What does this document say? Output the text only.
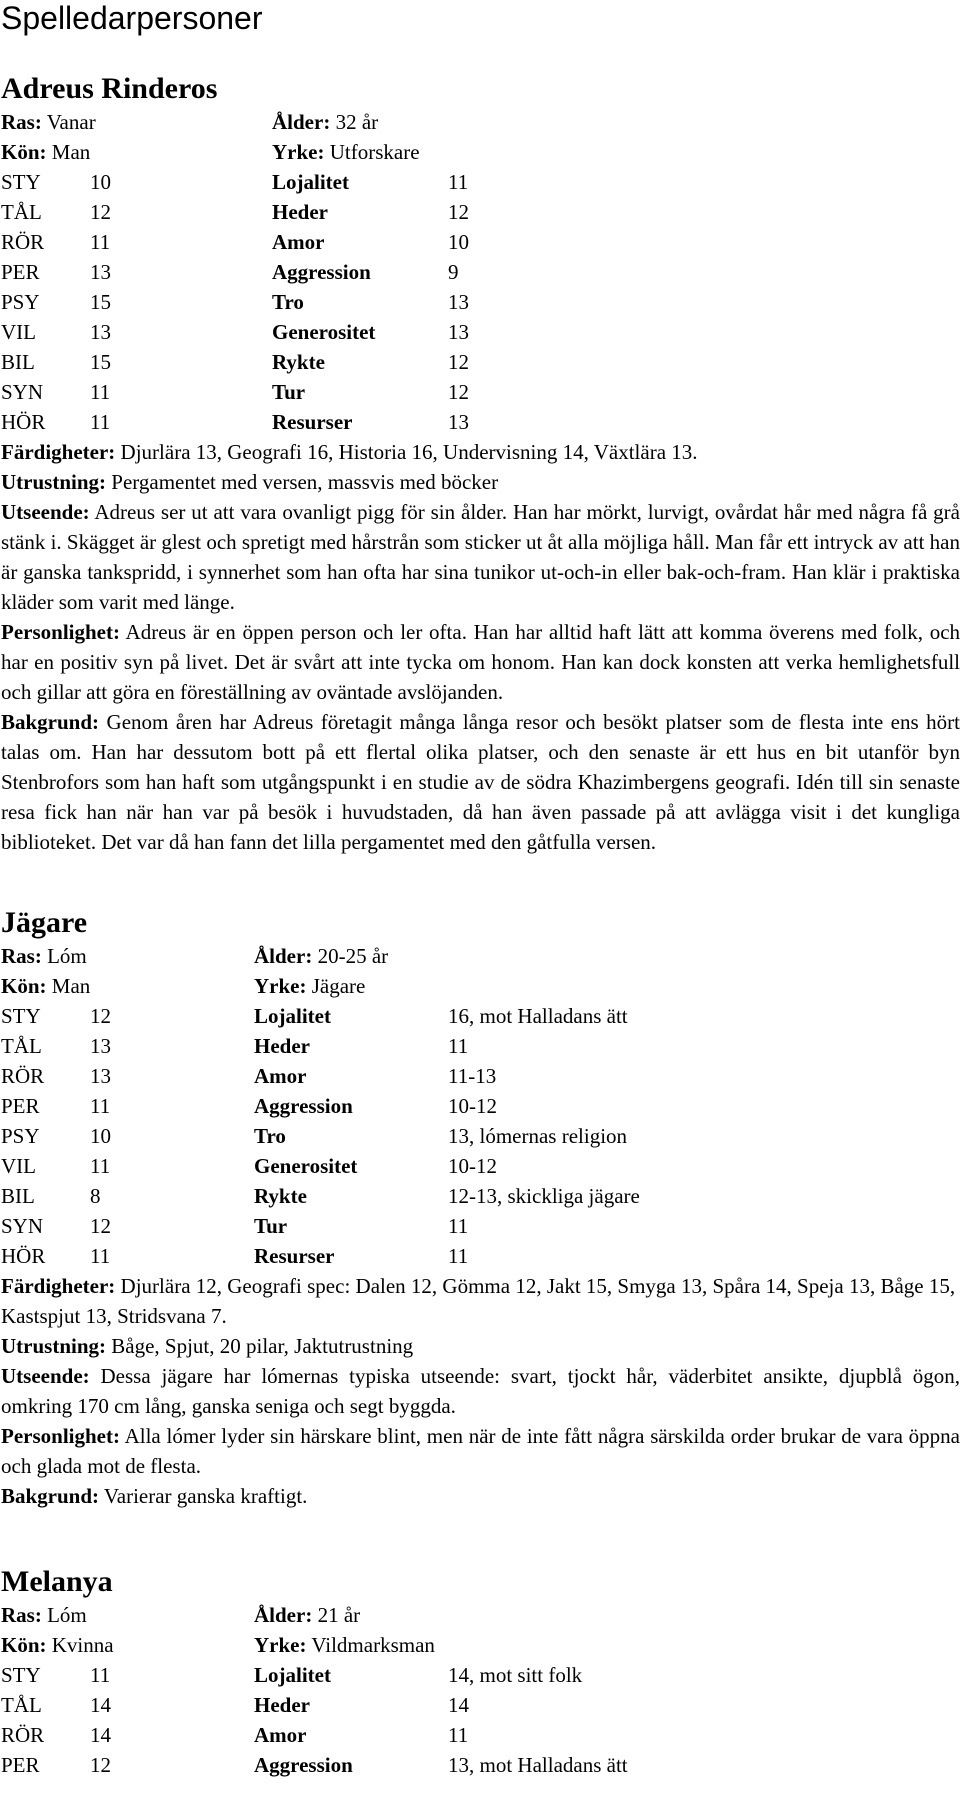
Spelledarpersoner
Adreus Rinderos
Ras: Vanar	Ålder: 32 år
Kön: Man	Yrke: Utforskare
STY 10	Lojalitet	11
TÅL 12	Heder	12
RÖR 11	Amor	10
PER 13	Aggression	9
PSY 15	Tro	13
VIL	13	Generositet	13
BIL	15	Rykte	12
SYN 11	Tur	12
HÖR 11	Resurser	13

Färdigheter: Djurlära 13, Geografi 16, Historia 16, Undervisning 14, Växtlära 13.

Utrustning: Pergamentet med versen, massvis med böcker

Utseende: Adreus ser ut att vara ovanligt pigg för sin ålder. Han har mörkt, lurvigt, ovårdat hår med några få grå stänk i. Skägget är glest och spretigt med hårstrån som sticker ut åt alla möjliga håll. Man får ett intryck av att han är ganska tankspridd, i synnerhet som han ofta har sina tunikor ut-och-in eller bak-och-fram. Han klär i praktiska kläder som varit med länge.

Personlighet: Adreus är en öppen person och ler ofta. Han har alltid haft lätt att komma överens med folk, och har en positiv syn på livet. Det är svårt att inte tycka om honom. Han kan dock konsten att verka hemlighetsfull och gillar att göra en föreställning av oväntade avslöjanden.

Bakgrund: Genom åren har Adreus företagit många långa resor och besökt platser som de flesta inte ens hört talas om. Han har dessutom bott på ett flertal olika platser, och den senaste är ett hus en bit utanför byn Stenbrofors som han haft som utgångspunkt i en studie av de södra Khazimbergens geografi. Idén till sin senaste resa fick han när han var på besök i huvudstaden, då han även passade på att avlägga visit i det kungliga biblioteket. Det var då han fann det lilla pergamentet med den gåtfulla versen.

Jägare
Ras: Lóm	Ålder: 20-25 år
Kön: Man	Yrke: Jägare
STY 12	Lojalitet	16, mot Halladans ätt
TÅL 13	Heder	11
RÖR 13	Amor	11-13
PER 11	Aggression	10-12
PSY 10	Tro	13, lómernas religion
VIL	11	Generositet	10-12
BIL	8	Rykte	12-13, skickliga jägare
SYN 12	Tur	11
HÖR 11	Resurser	11

Färdigheter: Djurlära 12, Geografi spec: Dalen 12, Gömma 12, Jakt 15, Smyga 13, Spåra 14, Speja 13, Båge 15, Kastspjut 13, Stridsvana 7.

Utrustning: Båge, Spjut, 20 pilar, Jaktutrustning

Utseende: Dessa jägare har lómernas typiska utseende: svart, tjockt hår, väderbitet ansikte, djupblå ögon, omkring 170 cm lång, ganska seniga och segt byggda.

Personlighet: Alla lómer lyder sin härskare blint, men när de inte fått några särskilda order brukar de vara öppna och glada mot de flesta.

Bakgrund: Varierar ganska kraftigt.

Melanya
Ras: Lóm	Ålder: 21 år
Kön: Kvinna	Yrke: Vildmarksman
STY 11	Lojalitet	14, mot sitt folk
TÅL 14	Heder	14
RÖR 14	Amor	11
PER 12	Aggression	13, mot Halladans ätt
